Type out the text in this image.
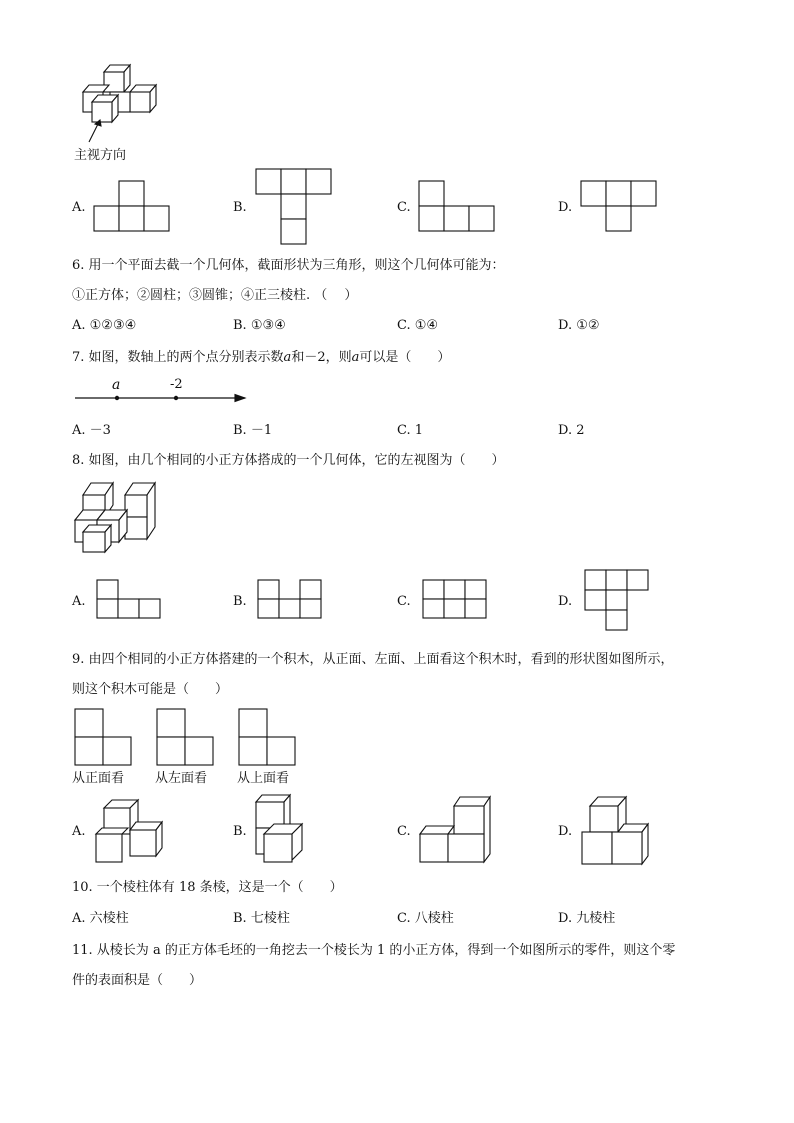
主视方向
A.	B.	C.	D.
6. 用一个平面去截一个几何体，截面形状为三角形，则这个几何体可能为：
①正方体；②圆柱；③圆锥；④正三棱柱. （　 ）
A. ①②③④	B. ①③④	C. ①④	D. ①②
7. 如图，数轴上的两个点分别表示数a和－2，则a可以是（　　）
a	-2
A. －3	B. －1	C. 1	D. 2
8. 如图，由几个相同的小正方体搭成的一个几何体，它的左视图为（　　）
A.	B.	C.	D.
9. 由四个相同的小正方体搭建的一个积木，从正面、左面、上面看这个积木时，看到的形状图如图所示，
则这个积木可能是（　　）
从正面看 从左面看 从上面看
A.	B.	C.	D.
10. 一个棱柱体有 18 条棱，这是一个（　　）
A. 六棱柱	B. 七棱柱	C. 八棱柱	D. 九棱柱
11. 从棱长为 a 的正方体毛坯的一角挖去一个棱长为 1 的小正方体，得到一个如图所示的零件，则这个零
件的表面积是（　　）
